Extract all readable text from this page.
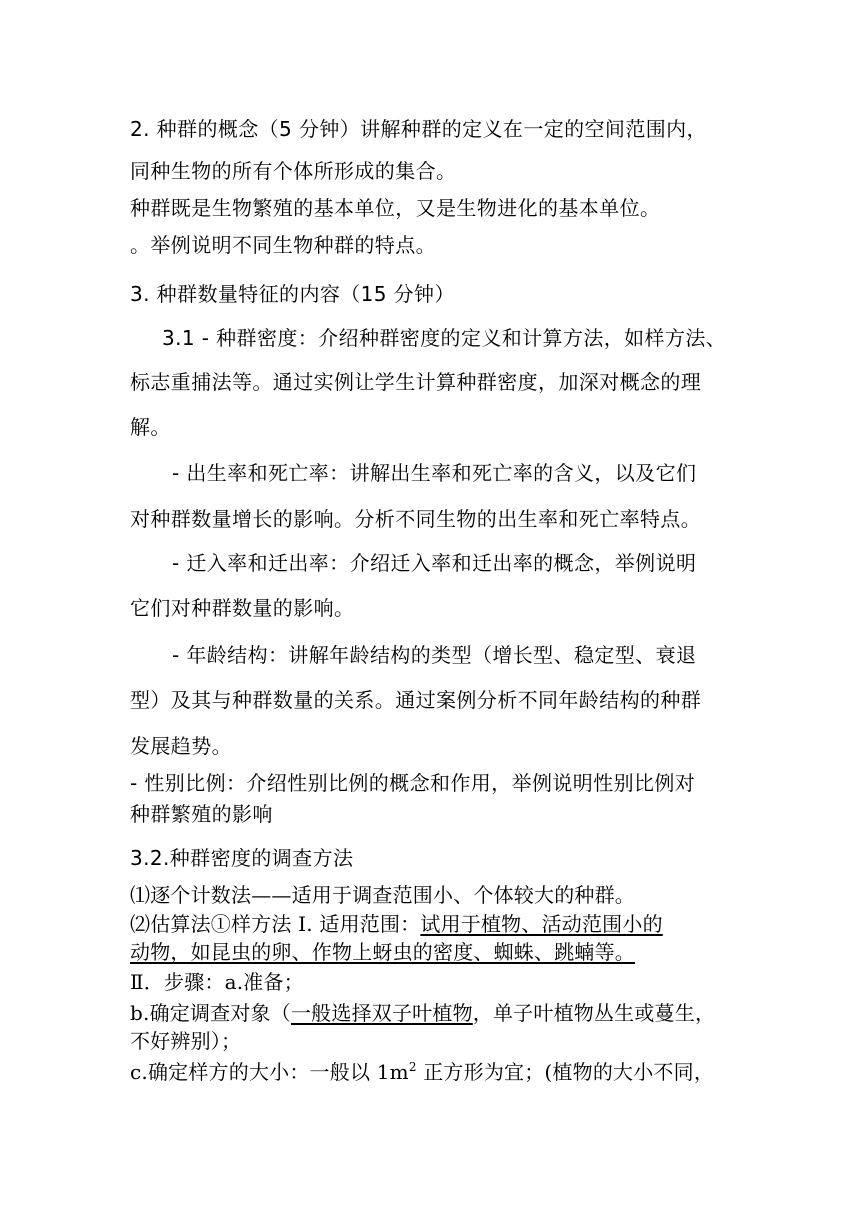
2. 种群的概念（5 分钟）讲解种群的定义在一定的空间范围内，
同种生物的所有个体所形成的集合。
种群既是生物繁殖的基本单位，又是生物进化的基本单位。
。举例说明不同生物种群的特点。
3. 种群数量特征的内容（15 分钟）
3.1 - 种群密度：介绍种群密度的定义和计算方法，如样方法、
标志重捕法等。通过实例让学生计算种群密度，加深对概念的理
解。
- 出生率和死亡率：讲解出生率和死亡率的含义，以及它们
对种群数量增长的影响。分析不同生物的出生率和死亡率特点。
- 迁入率和迁出率：介绍迁入率和迁出率的概念，举例说明
它们对种群数量的影响。
- 年龄结构：讲解年龄结构的类型（增长型、稳定型、衰退
型）及其与种群数量的关系。通过案例分析不同年龄结构的种群
发展趋势。
- 性别比例：介绍性别比例的概念和作用，举例说明性别比例对
种群繁殖的影响
3.2.种群密度的调查方法
⑴逐个计数法——适用于调查范围小、个体较大的种群。
⑵估算法①样方法 Ⅰ. 适用范围：试用于植物、活动范围小的
动物，如昆虫的卵、作物上蚜虫的密度、蜘蛛、跳蝻等。
Ⅱ．步骤：a.准备；
b.确定调查对象（一般选择双子叶植物，单子叶植物丛生或蔓生，
不好辨别）；
c.确定样方的大小：一般以 $1m^2$ 正方形为宜；(植物的大小不同，
